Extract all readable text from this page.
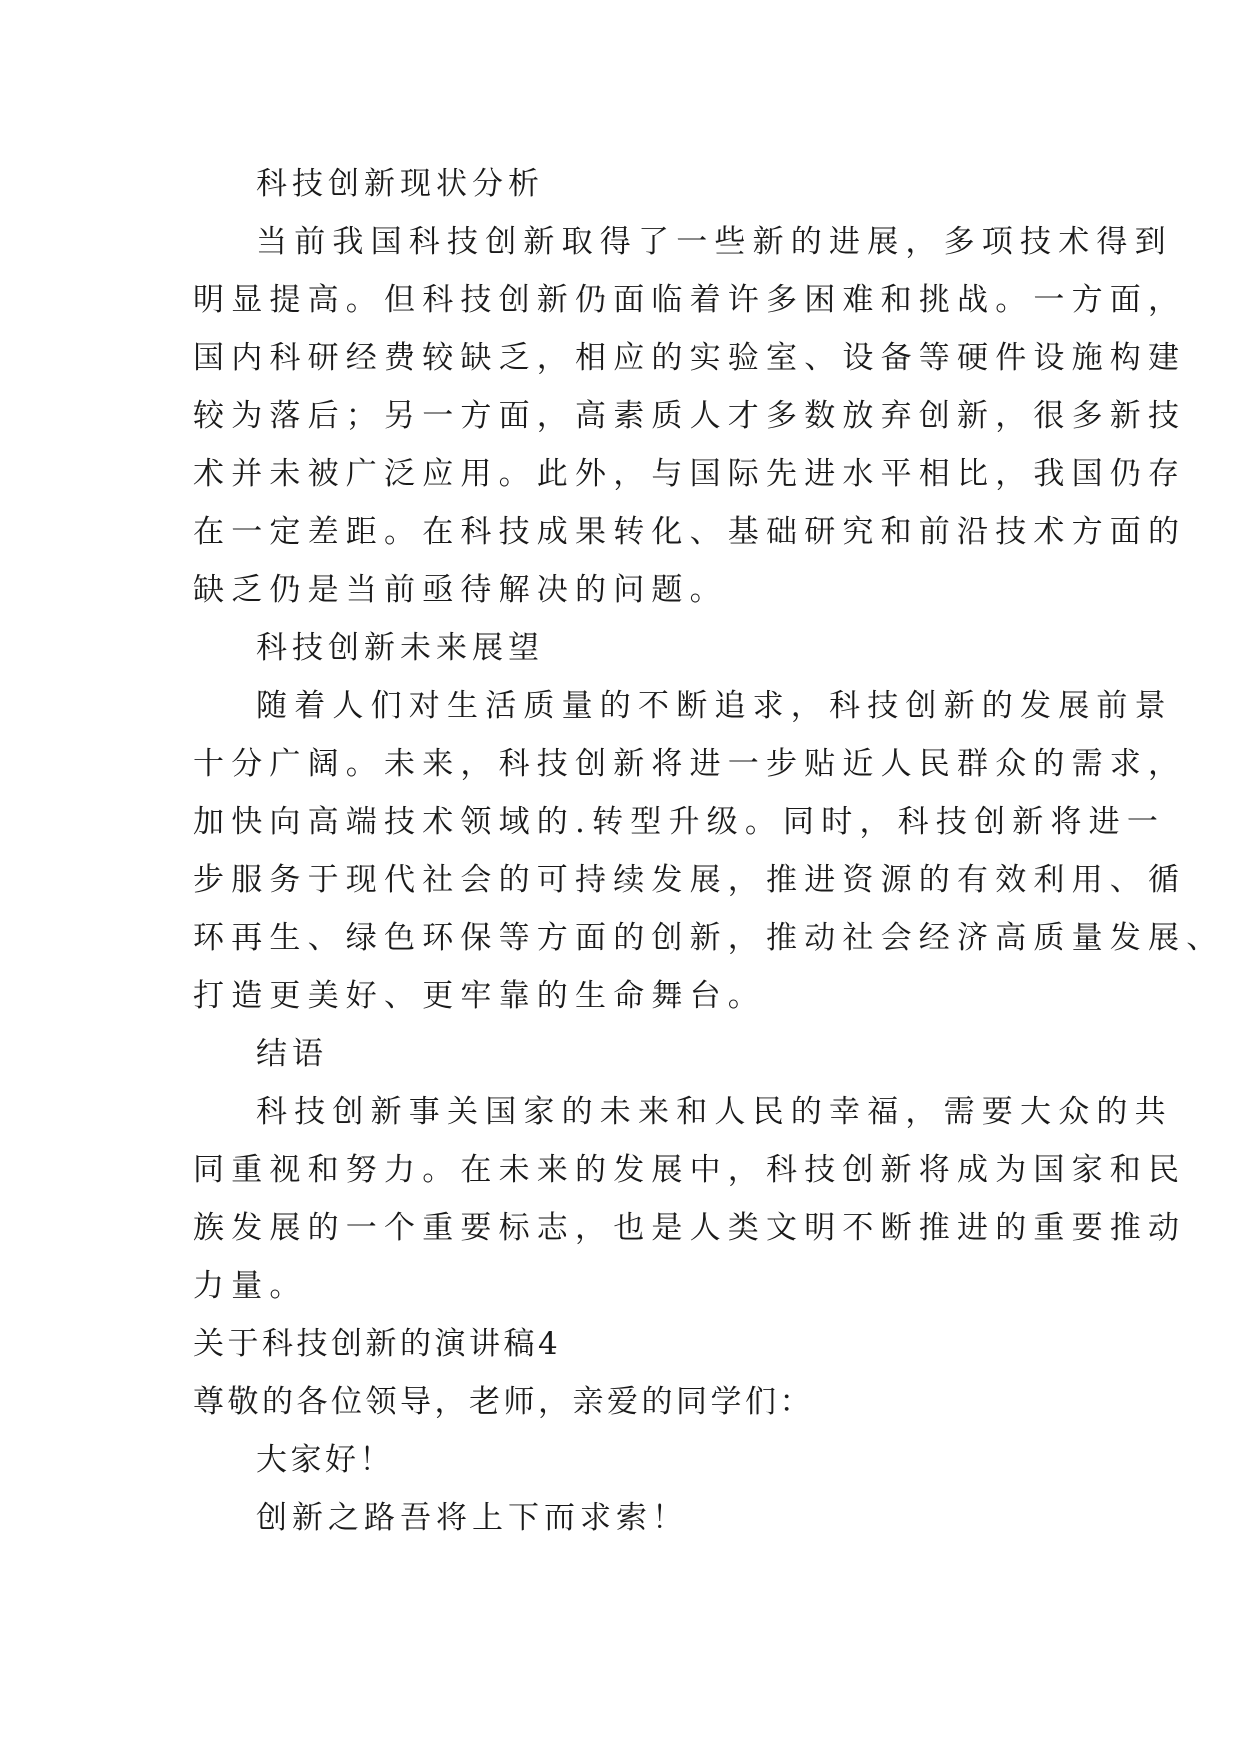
科技创新现状分析
当前我国科技创新取得了一些新的进展，多项技术得到
明显提高。但科技创新仍面临着许多困难和挑战。一方面，
国内科研经费较缺乏，相应的实验室、设备等硬件设施构建
较为落后；另一方面，高素质人才多数放弃创新，很多新技
术并未被广泛应用。此外，与国际先进水平相比，我国仍存
在一定差距。在科技成果转化、基础研究和前沿技术方面的
缺乏仍是当前亟待解决的问题。
科技创新未来展望
随着人们对生活质量的不断追求，科技创新的发展前景
十分广阔。未来，科技创新将进一步贴近人民群众的需求，
加快向高端技术领域的.转型升级。同时，科技创新将进一
步服务于现代社会的可持续发展，推进资源的有效利用、循
环再生、绿色环保等方面的创新，推动社会经济高质量发展、
打造更美好、更牢靠的生命舞台。
结语
科技创新事关国家的未来和人民的幸福，需要大众的共
同重视和努力。在未来的发展中，科技创新将成为国家和民
族发展的一个重要标志，也是人类文明不断推进的重要推动
力量。
关于科技创新的演讲稿4
尊敬的各位领导，老师，亲爱的同学们：
大家好！
创新之路吾将上下而求索！
